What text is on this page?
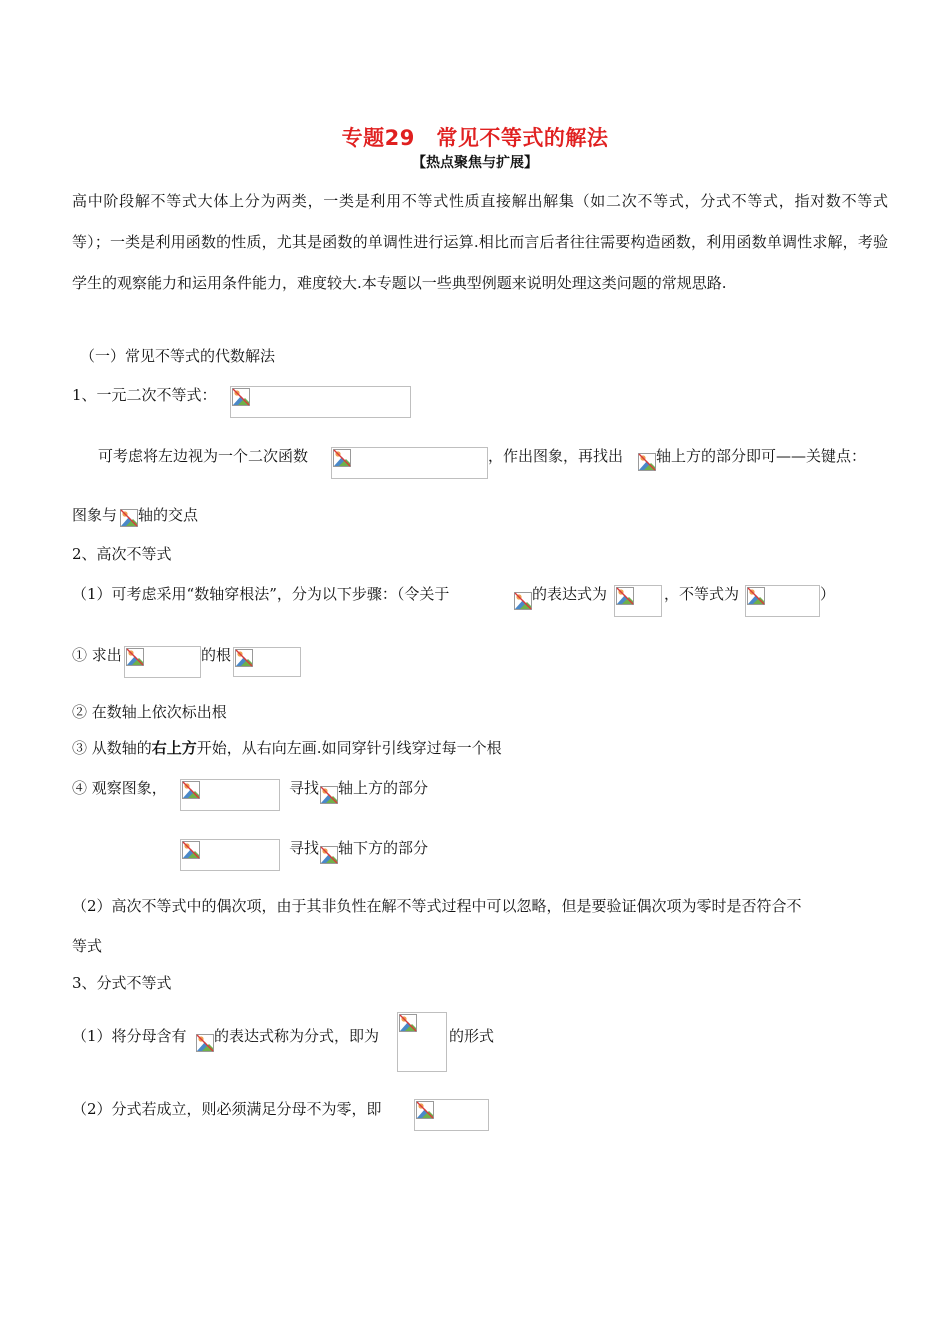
专题29　常见不等式的解法
【热点聚焦与扩展】
高中阶段解不等式大体上分为两类，一类是利用不等式性质直接解出解集（如二次不等式，分式不等式，指对数不等式等）；一类是利用函数的性质，尤其是函数的单调性进行运算.相比而言后者往往需要构造函数，利用函数单调性求解，考验学生的观察能力和运用条件能力，难度较大.本专题以一些典型例题来说明处理这类问题的常规思路.
（一）常见不等式的代数解法
1、一元二次不等式：
可考虑将左边视为一个二次函数	，作出图象，再找出 轴上方的部分即可——关键点：
图象与 轴的交点
2、高次不等式
（1）可考虑采用“数轴穿根法”，分为以下步骤：（令关于	的表达式为	，不等式为	）
① 求出	的根
② 在数轴上依次标出根
③ 从数轴的右上方开始，从右向左画.如同穿针引线穿过每一个根
④ 观察图象，	寻找 轴上方的部分
寻找 轴下方的部分
（2）高次不等式中的偶次项，由于其非负性在解不等式过程中可以忽略，但是要验证偶次项为零时是否符合不
等式
3、分式不等式
（1）将分母含有 的表达式称为分式，即为	的形式
（2）分式若成立，则必须满足分母不为零，即
